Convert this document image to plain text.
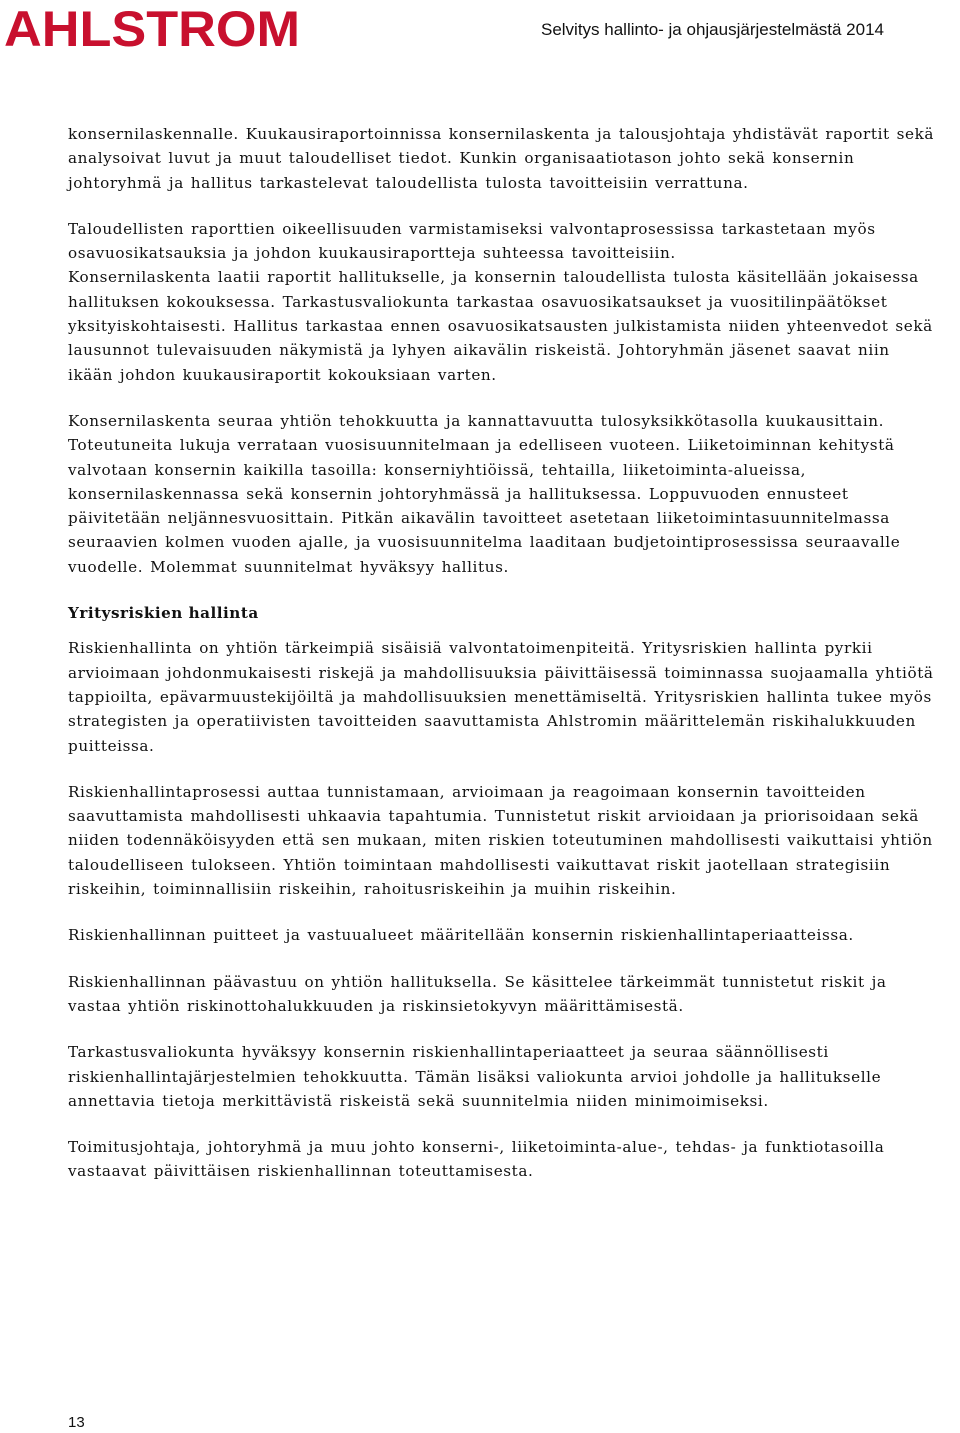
AHLSTROM	Selvitys hallinto- ja ohjausjärjestelmästä 2014

konsernilaskennalle. Kuukausiraportoinnissa konsernilaskenta ja talousjohtaja yhdistävät raportit sekä analysoivat luvut ja muut taloudelliset tiedot. Kunkin organisaatiotason johto sekä konsernin johtoryhmä ja hallitus tarkastelevat taloudellista tulosta tavoitteisiin verrattuna.

Taloudellisten raporttien oikeellisuuden varmistamiseksi valvontaprosessissa tarkastetaan myös osavuosikatsauksia ja johdon kuukausiraportteja suhteessa tavoitteisiin.

Konsernilaskenta laatii raportit hallitukselle, ja konsernin taloudellista tulosta käsitellään jokaisessa hallituksen kokouksessa. Tarkastusvaliokunta tarkastaa osavuosikatsaukset ja vuositilinpäätökset yksityiskohtaisesti. Hallitus tarkastaa ennen osavuosikatsausten julkistamista niiden yhteenvedot sekä lausunnot tulevaisuuden näkymistä ja lyhyen aikavälin riskeistä. Johtoryhmän jäsenet saavat niin ikään johdon kuukausiraportit kokouksiaan varten.

Konsernilaskenta seuraa yhtiön tehokkuutta ja kannattavuutta tulosyksikkötasolla kuukausittain. Toteutuneita lukuja verrataan vuosisuunnitelmaan ja edelliseen vuoteen. Liiketoiminnan kehitystä valvotaan konsernin kaikilla tasoilla: konserniyhtiöissä, tehtailla, liiketoiminta-alueissa, konsernilaskennassa sekä konsernin johtoryhmässä ja hallituksessa. Loppuvuoden ennusteet päivitetään neljännesvuosittain. Pitkän aikavälin tavoitteet asetetaan liiketoimintasuunnitelmassa seuraavien kolmen vuoden ajalle, ja vuosisuunnitelma laaditaan budjetointiprosessissa seuraavalle vuodelle. Molemmat suunnitelmat hyväksyy hallitus.

Yritysriskien hallinta

Riskienhallinta on yhtiön tärkeimpiä sisäisiä valvontatoimenpiteitä. Yritysriskien hallinta pyrkii arvioimaan johdonmukaisesti riskejä ja mahdollisuuksia päivittäisessä toiminnassa suojaamalla yhtiötä tappioilta, epävarmuustekijöiltä ja mahdollisuuksien menettämiseltä. Yritysriskien hallinta tukee myös strategisten ja operatiivisten tavoitteiden saavuttamista Ahlstromin määrittelemän riskihalukkuuden puitteissa.

Riskienhallintaprosessi auttaa tunnistamaan, arvioimaan ja reagoimaan konsernin tavoitteiden saavuttamista mahdollisesti uhkaavia tapahtumia. Tunnistetut riskit arvioidaan ja priorisoidaan sekä niiden todennäköisyyden että sen mukaan, miten riskien toteutuminen mahdollisesti vaikuttaisi yhtiön taloudelliseen tulokseen. Yhtiön toimintaan mahdollisesti vaikuttavat riskit jaotellaan strategisiin riskeihin, toiminnallisiin riskeihin, rahoitusriskeihin ja muihin riskeihin.

Riskienhallinnan puitteet ja vastuualueet määritellään konsernin riskienhallintaperiaatteissa.

Riskienhallinnan päävastuu on yhtiön hallituksella. Se käsittelee tärkeimmät tunnistetut riskit ja vastaa yhtiön riskinottohalukkuuden ja riskinsietokyvyn määrittämisestä.

Tarkastusvaliokunta hyväksyy konsernin riskienhallintaperiaatteet ja seuraa säännöllisesti riskienhallintajärjestelmien tehokkuutta. Tämän lisäksi valiokunta arvioi johdolle ja hallitukselle annettavia tietoja merkittävistä riskeistä sekä suunnitelmia niiden minimoimiseksi.

Toimitusjohtaja, johtoryhmä ja muu johto konserni-, liiketoiminta-alue-, tehdas- ja funktiotasoilla vastaavat päivittäisen riskienhallinnan toteuttamisesta.

13
